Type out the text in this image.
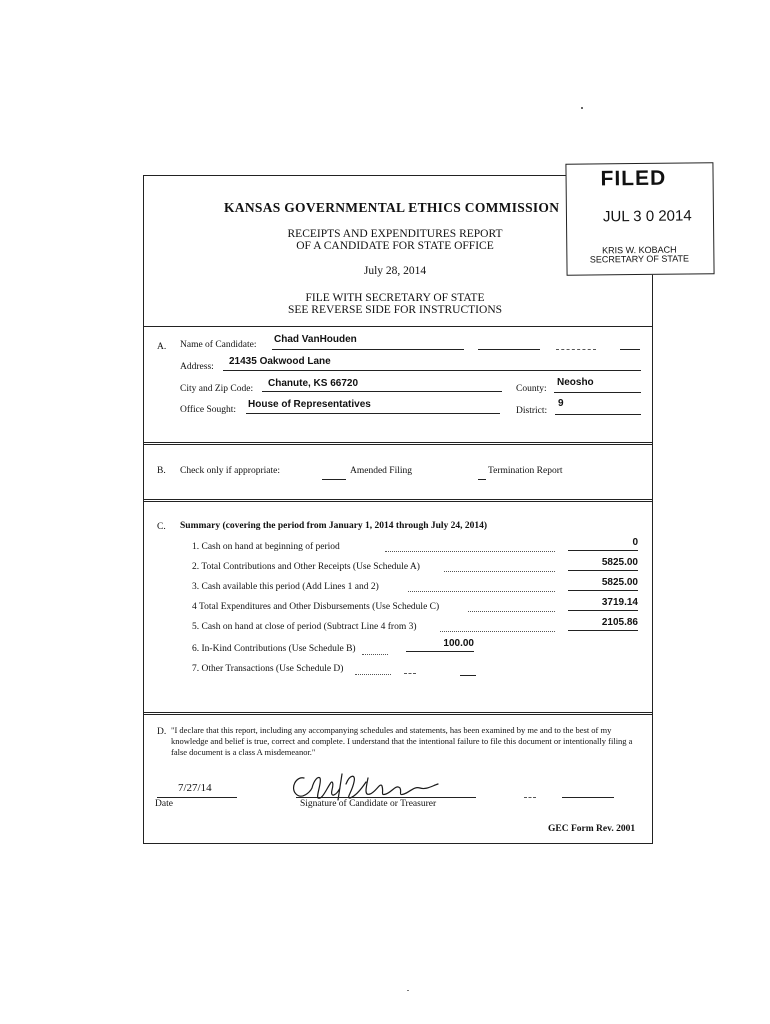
KANSAS GOVERNMENTAL ETHICS COMMISSION
RECEIPTS AND EXPENDITURES REPORT
OF A CANDIDATE FOR STATE OFFICE
July 28, 2014
FILE WITH SECRETARY OF STATE
SEE REVERSE SIDE FOR INSTRUCTIONS
FILED
JUL 3 0 2014
KRIS W. KOBACH
SECRETARY OF STATE
A. Name of Candidate: Chad VanHouden
Address: 21435 Oakwood Lane
City and Zip Code: Chanute, KS 66720	County:
Neosho
Office Sought: House of Representatives
District:
9
B. Check only if appropriate:	Amended Filing	Termination Report
C. Summary (covering the period from January 1, 2014 through July 24, 2014)
1. Cash on hand at beginning of period	0
2. Total Contributions and Other Receipts (Use Schedule A)	5825.00
3. Cash available this period (Add Lines 1 and 2)	5825.00
4 Total Expenditures and Other Disbursements (Use Schedule C)	3719.14
5. Cash on hand at close of period (Subtract Line 4 from 3)	2105.86
6. In-Kind Contributions (Use Schedule B)	100.00
7. Other Transactions (Use Schedule D)
D. "I declare that this report, including any accompanying schedules and statements, has been examined by me and to the best of my knowledge and belief is true, correct and complete. I understand that the intentional failure to file this document or intentionally filing a false document is a class A misdemeanor."
7/27/14
Date	Signature of Candidate or Treasurer
GEC Form Rev. 2001
